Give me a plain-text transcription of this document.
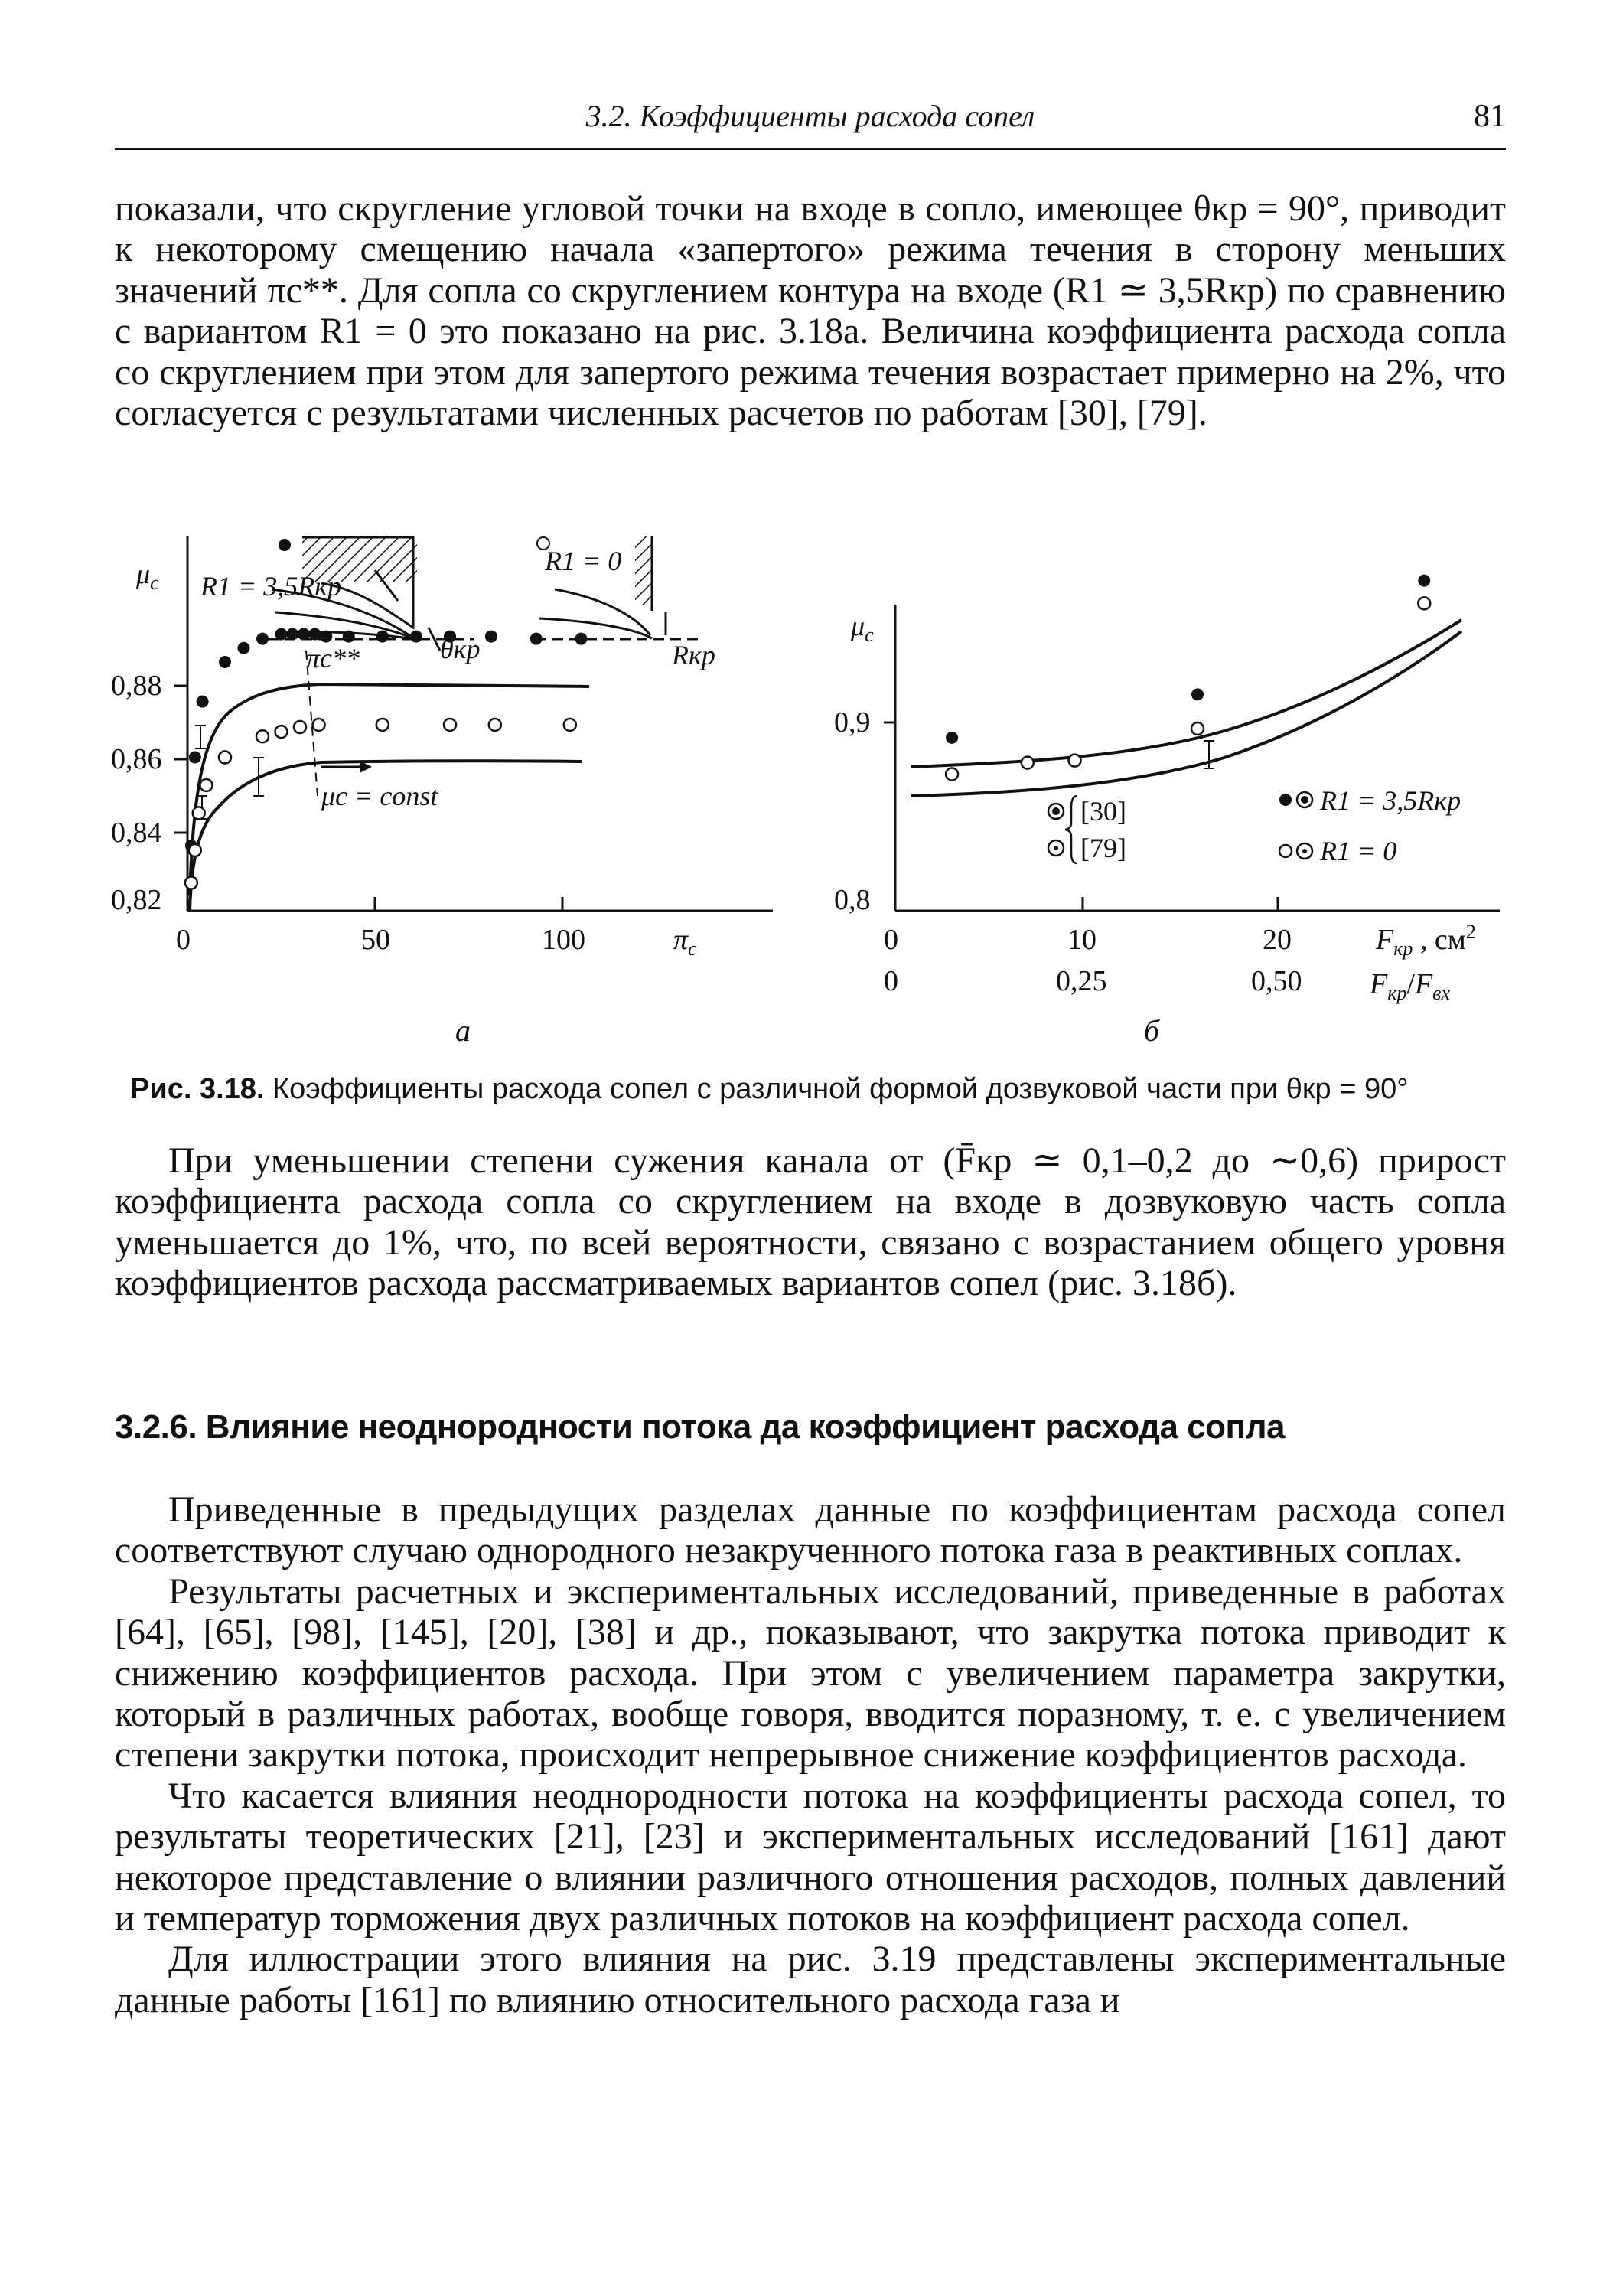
3.2. Коэффициенты расхода сопел	81

показали, что скругление угловой точки на входе в сопло, имеющее θкр = 90°, приводит к некоторому смещению начала «запертого» режима течения в сторону меньших значений πc**. Для сопла со скруглением контура на входе (R1 ≃ 3,5Rкр) по сравнению с вариантом R1 = 0 это показано на рис. 3.18а. Величина коэффициента расхода сопла со скруглением при этом для запертого режима течения возрастает примерно на 2%, что согласуется с результатами численных расчетов по работам [30], [79].

$\mu_c$
$\pi_c$
0,88
0,86
0,84
0,82
0	50	100
R1 = 3,5Rкр
θкр
πc**
μc = const
R1 = 0
Rкр
а
$\mu_c$
0,9
0,8
0	10	20
0	0,25	0,50
$F_{кр}$ , $см^2$
$F_{кр}/F_{вх}$
[30]
[79]
R1 = 3,5Rкр
R1 = 0
б
Рис. 3.18. Коэффициенты расхода сопел с различной формой дозвуковой части при θкр = 90°

При уменьшении степени сужения канала от (F̄кр ≃ 0,1–0,2 до ∼0,6) прирост коэффициента расхода сопла со скруглением на входе в дозвуковую часть сопла уменьшается до 1%, что, по всей вероятности, связано с возрастанием общего уровня коэффициентов расхода рассматриваемых вариантов сопел (рис. 3.18б).

3.2.6. Влияние неоднородности потока да коэффициент расхода сопла

Приведенные в предыдущих разделах данные по коэффициентам расхода сопел соответствуют случаю однородного незакрученного потока газа в реактивных соплах.

Результаты расчетных и экспериментальных исследований, приведенные в работах [64], [65], [98], [145], [20], [38] и др., показывают, что закрутка потока приводит к снижению коэффициентов расхода. При этом с увеличением параметра закрутки, который в различных работах, вообще говоря, вводится поразному, т. е. с увеличением степени закрутки потока, происходит непрерывное снижение коэффициентов расхода.

Что касается влияния неоднородности потока на коэффициенты расхода сопел, то результаты теоретических [21], [23] и экспериментальных исследований [161] дают некоторое представление о влиянии различного отношения расходов, полных давлений и температур торможения двух различных потоков на коэффициент расхода сопел.

Для иллюстрации этого влияния на рис. 3.19 представлены экспериментальные данные работы [161] по влиянию относительного расхода газа и
